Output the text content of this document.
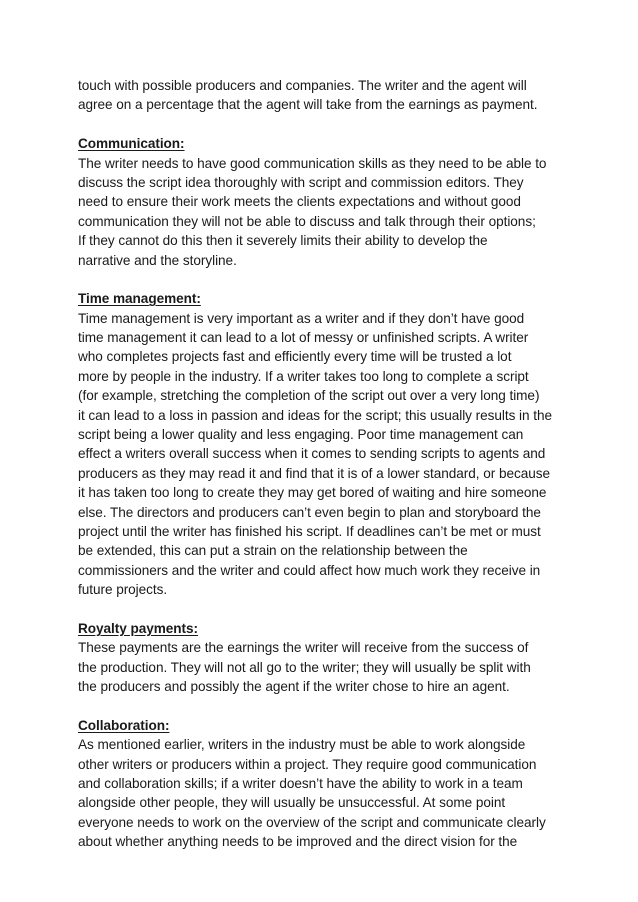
touch with possible producers and companies. The writer and the agent will
agree on a percentage that the agent will take from the earnings as payment.
Communication:
The writer needs to have good communication skills as they need to be able to
discuss the script idea thoroughly with script and commission editors. They
need to ensure their work meets the clients expectations and without good
communication they will not be able to discuss and talk through their options;
If they cannot do this then it severely limits their ability to develop the
narrative and the storyline.
Time management:
Time management is very important as a writer and if they don’t have good
time management it can lead to a lot of messy or unfinished scripts. A writer
who completes projects fast and efficiently every time will be trusted a lot
more by people in the industry. If a writer takes too long to complete a script
(for example, stretching the completion of the script out over a very long time)
it can lead to a loss in passion and ideas for the script; this usually results in the
script being a lower quality and less engaging. Poor time management can
effect a writers overall success when it comes to sending scripts to agents and
producers as they may read it and find that it is of a lower standard, or because
it has taken too long to create they may get bored of waiting and hire someone
else. The directors and producers can’t even begin to plan and storyboard the
project until the writer has finished his script. If deadlines can’t be met or must
be extended, this can put a strain on the relationship between the
commissioners and the writer and could affect how much work they receive in
future projects.
Royalty payments:
These payments are the earnings the writer will receive from the success of
the production. They will not all go to the writer; they will usually be split with
the producers and possibly the agent if the writer chose to hire an agent.
Collaboration:
As mentioned earlier, writers in the industry must be able to work alongside
other writers or producers within a project. They require good communication
and collaboration skills; if a writer doesn’t have the ability to work in a team
alongside other people, they will usually be unsuccessful. At some point
everyone needs to work on the overview of the script and communicate clearly
about whether anything needs to be improved and the direct vision for the
